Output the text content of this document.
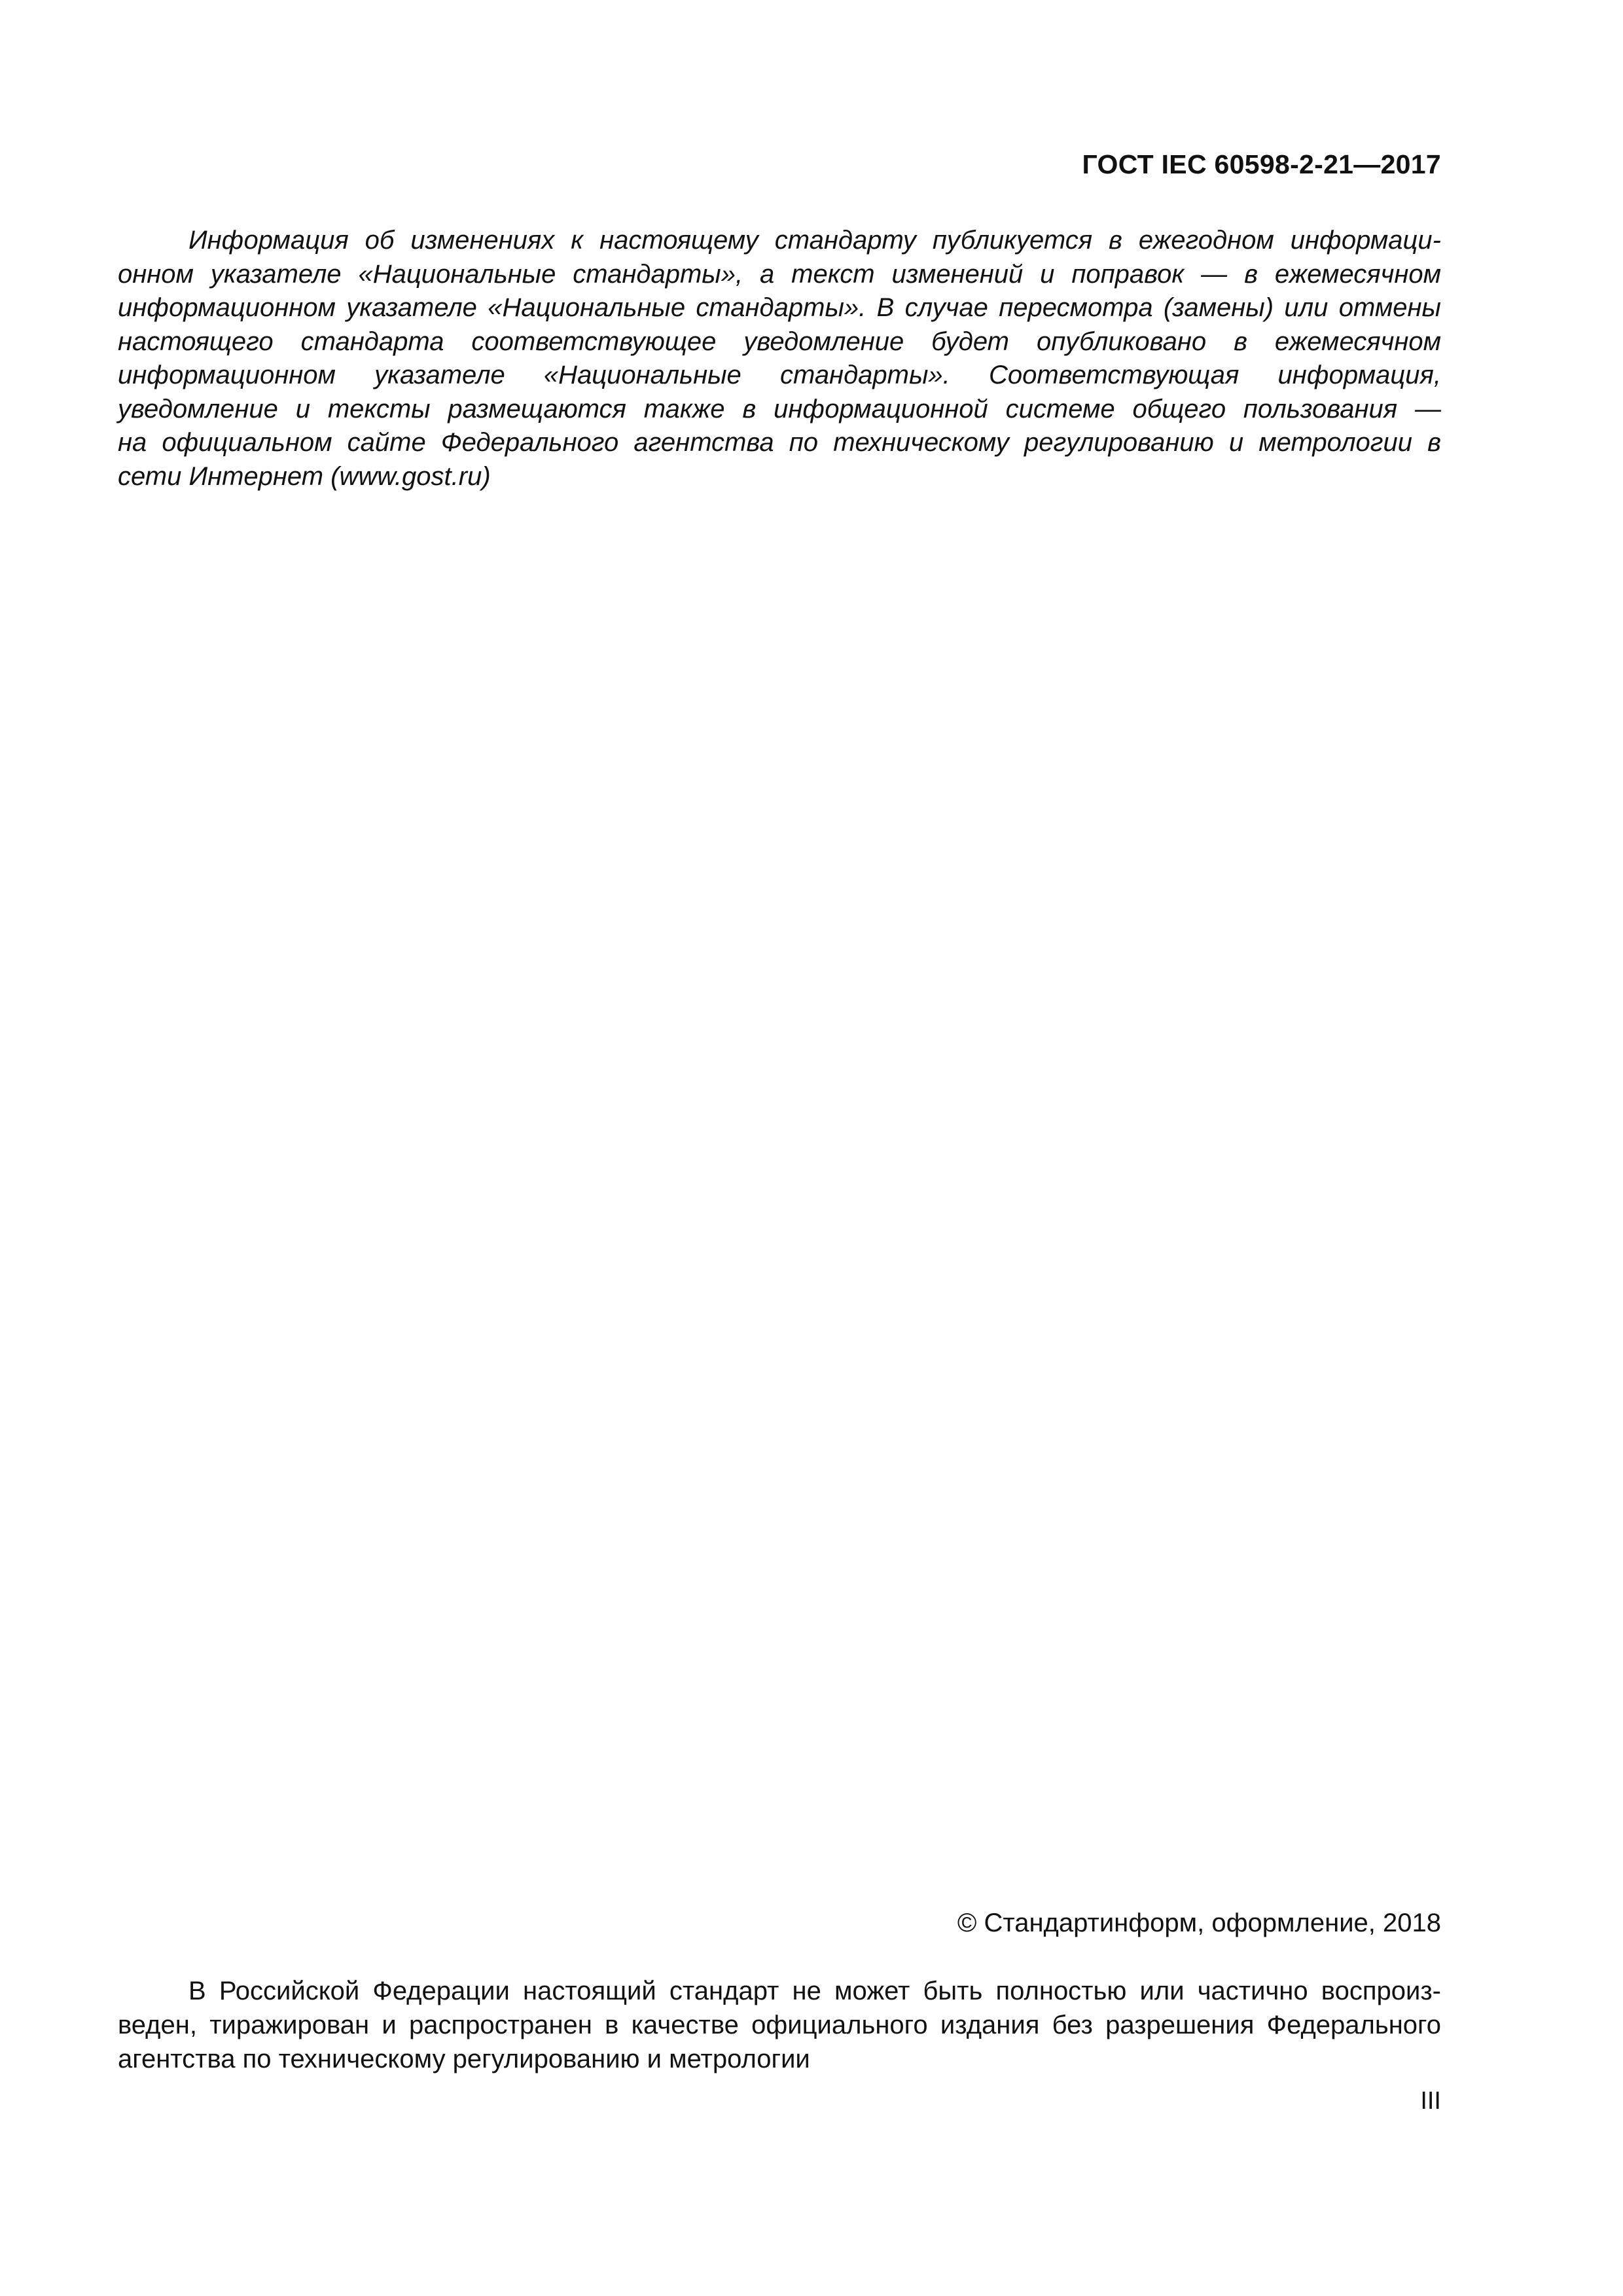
ГОСТ IEC 60598-2-21—2017
Информация об изменениях к настоящему стандарту публикуется в ежегодном информаци-
онном указателе «Национальные стандарты», а текст изменений и поправок — в ежемесячном
информационном указателе «Национальные стандарты». В случае пересмотра (замены) или отмены
настоящего стандарта соответствующее уведомление будет опубликовано в ежемесячном
информационном указателе «Национальные стандарты». Соответствующая информация,
уведомление и тексты размещаются также в информационной системе общего пользования —
на официальном сайте Федерального агентства по техническому регулированию и метрологии в
сети Интернет (www.gost.ru)
© Стандартинформ, оформление, 2018
В Российской Федерации настоящий стандарт не может быть полностью или частично воспроиз-
веден, тиражирован и распространен в качестве официального издания без разрешения Федерального
агентства по техническому регулированию и метрологии
III
